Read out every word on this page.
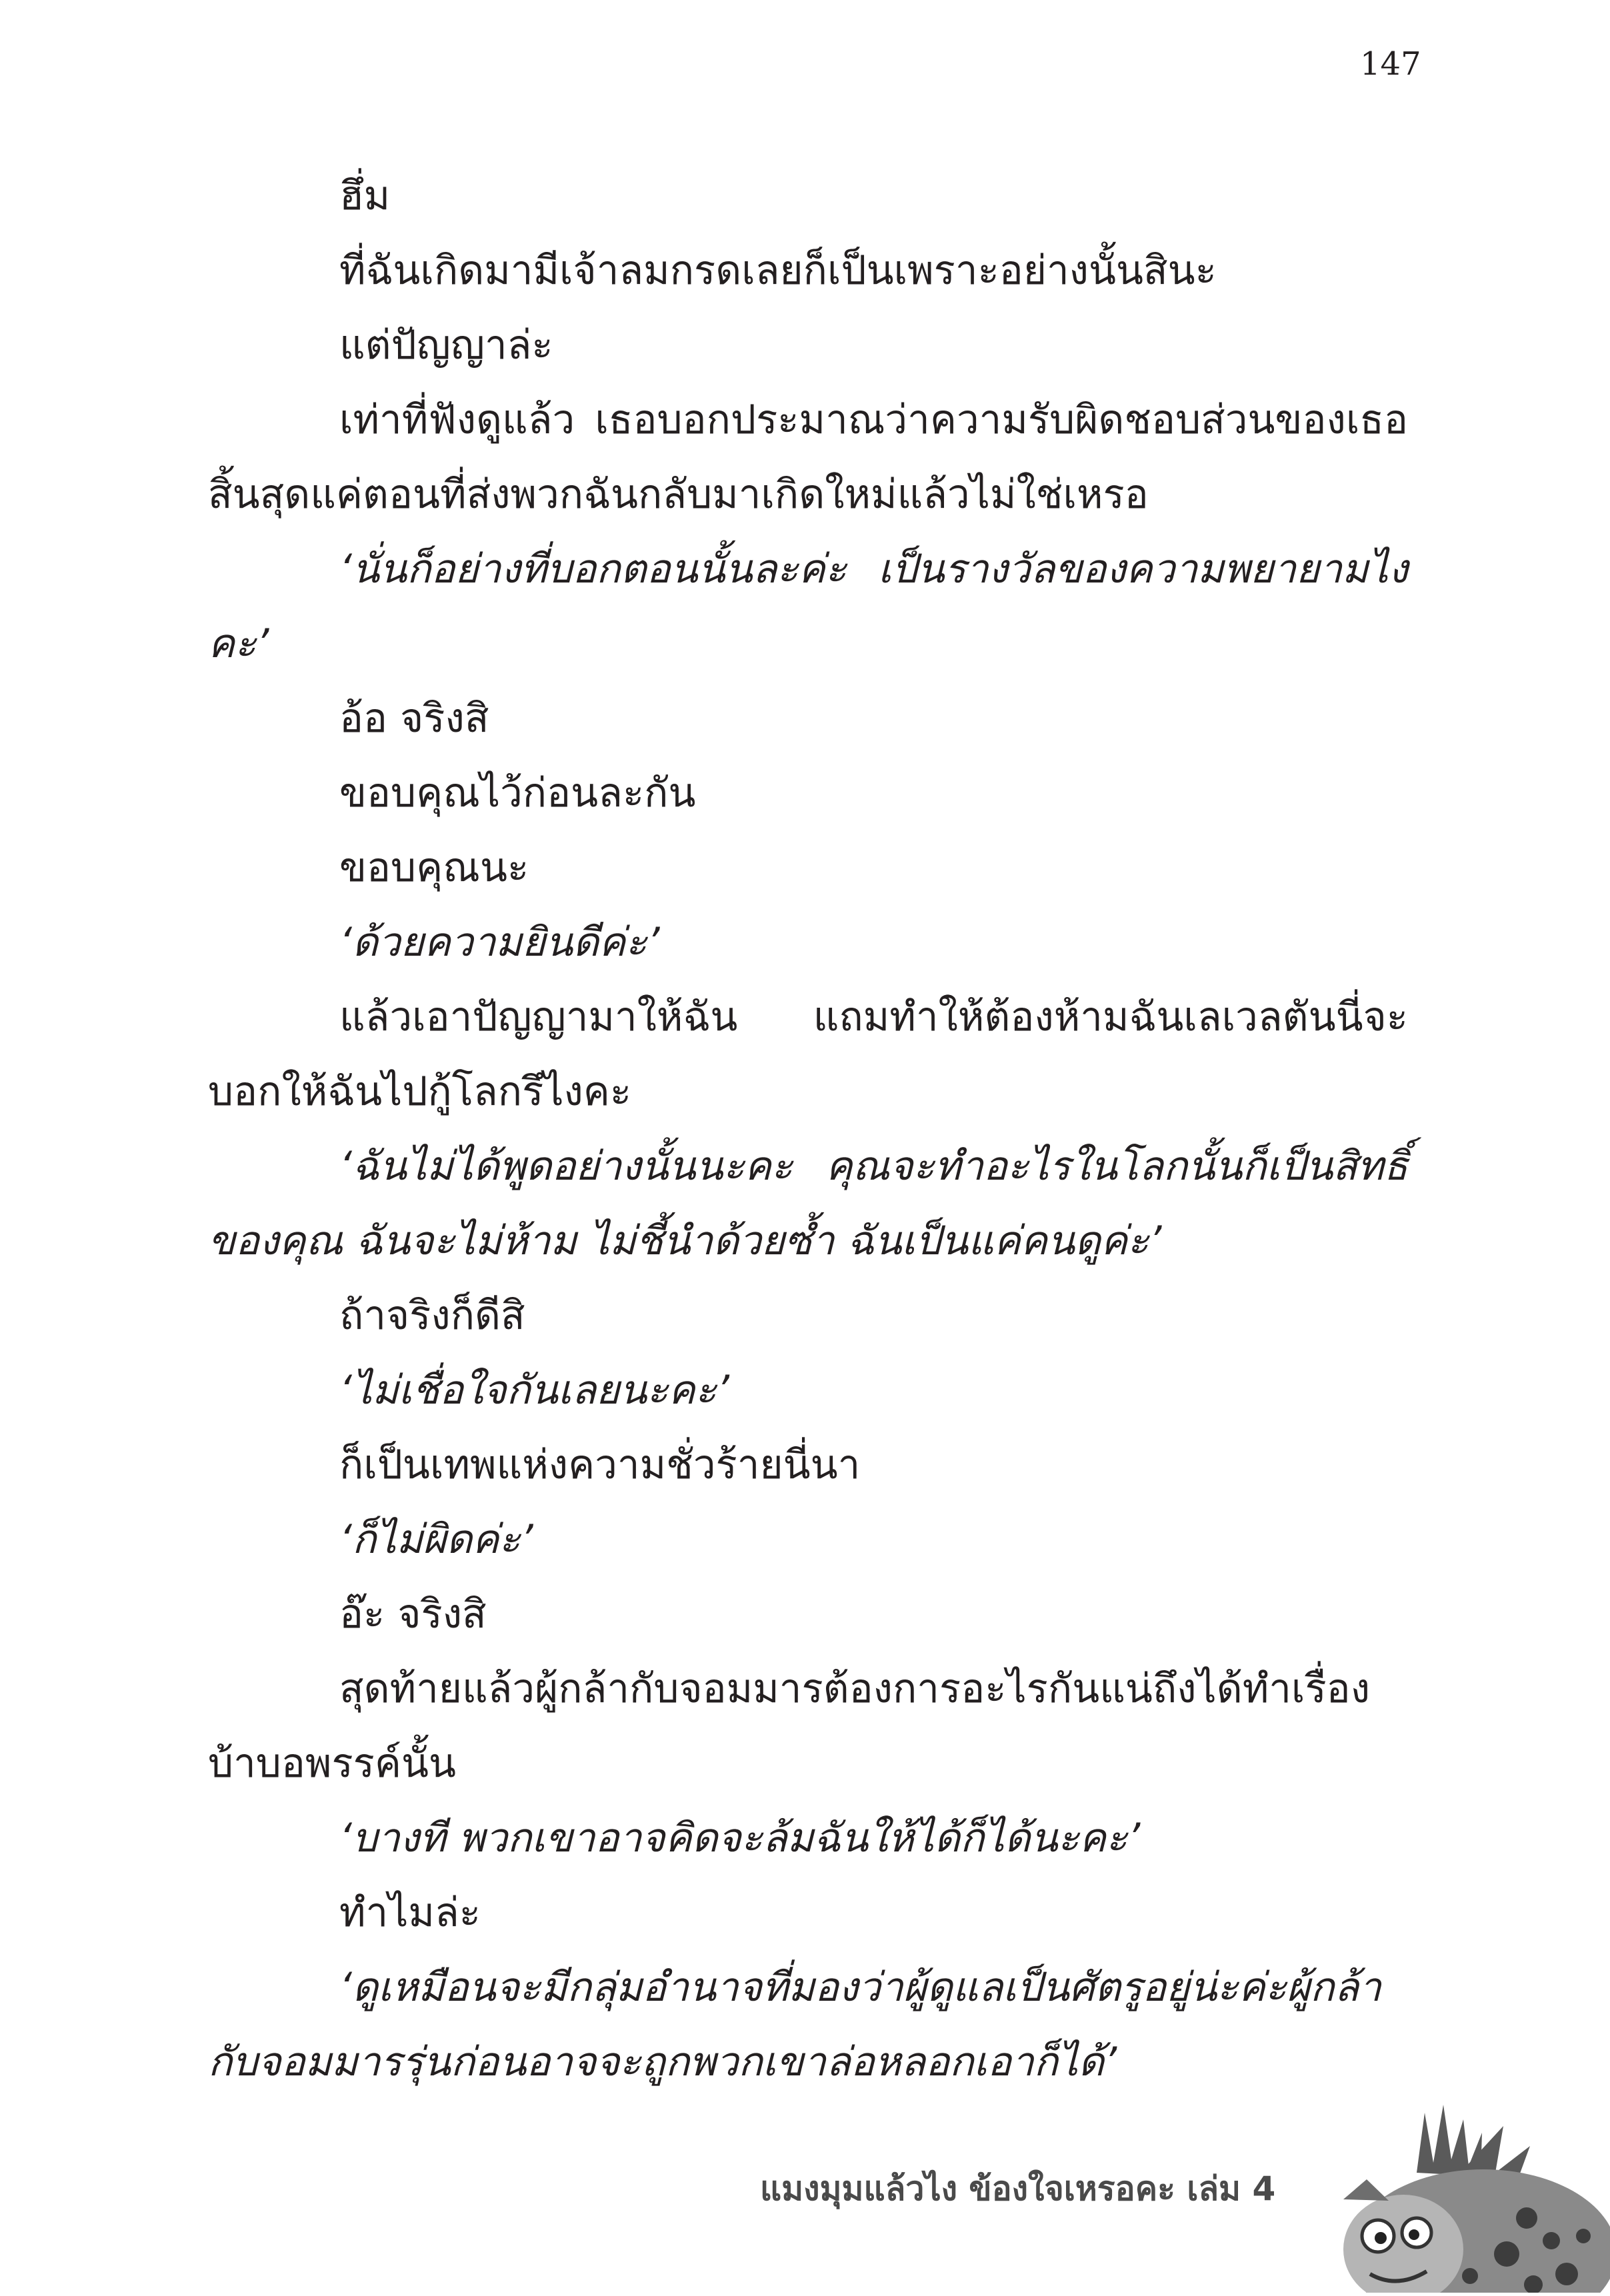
147

ฮึ่ม

ที่ฉันเกิดมามีเจ้าลมกรดเลยก็เป็นเพราะอย่างนั้นสินะ

แต่ปัญญาล่ะ

เท่าที่ฟังดูแล้ว เธอบอกประมาณว่าความรับผิดชอบส่วนของเธอสิ้นสุดแค่ตอนที่ส่งพวกฉันกลับมาเกิดใหม่แล้วไม่ใช่เหรอ

‘นั่นก็อย่างที่บอกตอนนั้นละค่ะ เป็นรางวัลของความพยายามไงคะ’

อ้อ จริงสิ

ขอบคุณไว้ก่อนละกัน

ขอบคุณนะ

‘ด้วยความยินดีค่ะ’

แล้วเอาปัญญามาให้ฉัน แถมทำให้ต้องห้ามฉันเลเวลตันนี่จะบอกให้ฉันไปกู้โลกรึไงคะ

‘ฉันไม่ได้พูดอย่างนั้นนะคะ คุณจะทำอะไรในโลกนั้นก็เป็นสิทธิ์ของคุณ ฉันจะไม่ห้าม ไม่ชี้นำด้วยซ้ำ ฉันเป็นแค่คนดูค่ะ’

ถ้าจริงก็ดีสิ

‘ไม่เชื่อใจกันเลยนะคะ’

ก็เป็นเทพแห่งความชั่วร้ายนี่นา

‘ก็ไม่ผิดค่ะ’

อ๊ะ จริงสิ

สุดท้ายแล้วผู้กล้ากับจอมมารต้องการอะไรกันแน่ถึงได้ทำเรื่องบ้าบอพรรค์นั้น

‘บางที พวกเขาอาจคิดจะล้มฉันให้ได้ก็ได้นะคะ’

ทำไมล่ะ

‘ดูเหมือนจะมีกลุ่มอำนาจที่มองว่าผู้ดูแลเป็นศัตรูอยู่น่ะค่ะผู้กล้ากับจอมมารรุ่นก่อนอาจจะถูกพวกเขาล่อหลอกเอาก็ได้’

แมงมุมแล้วไง ข้องใจเหรอคะ เล่ม 4
